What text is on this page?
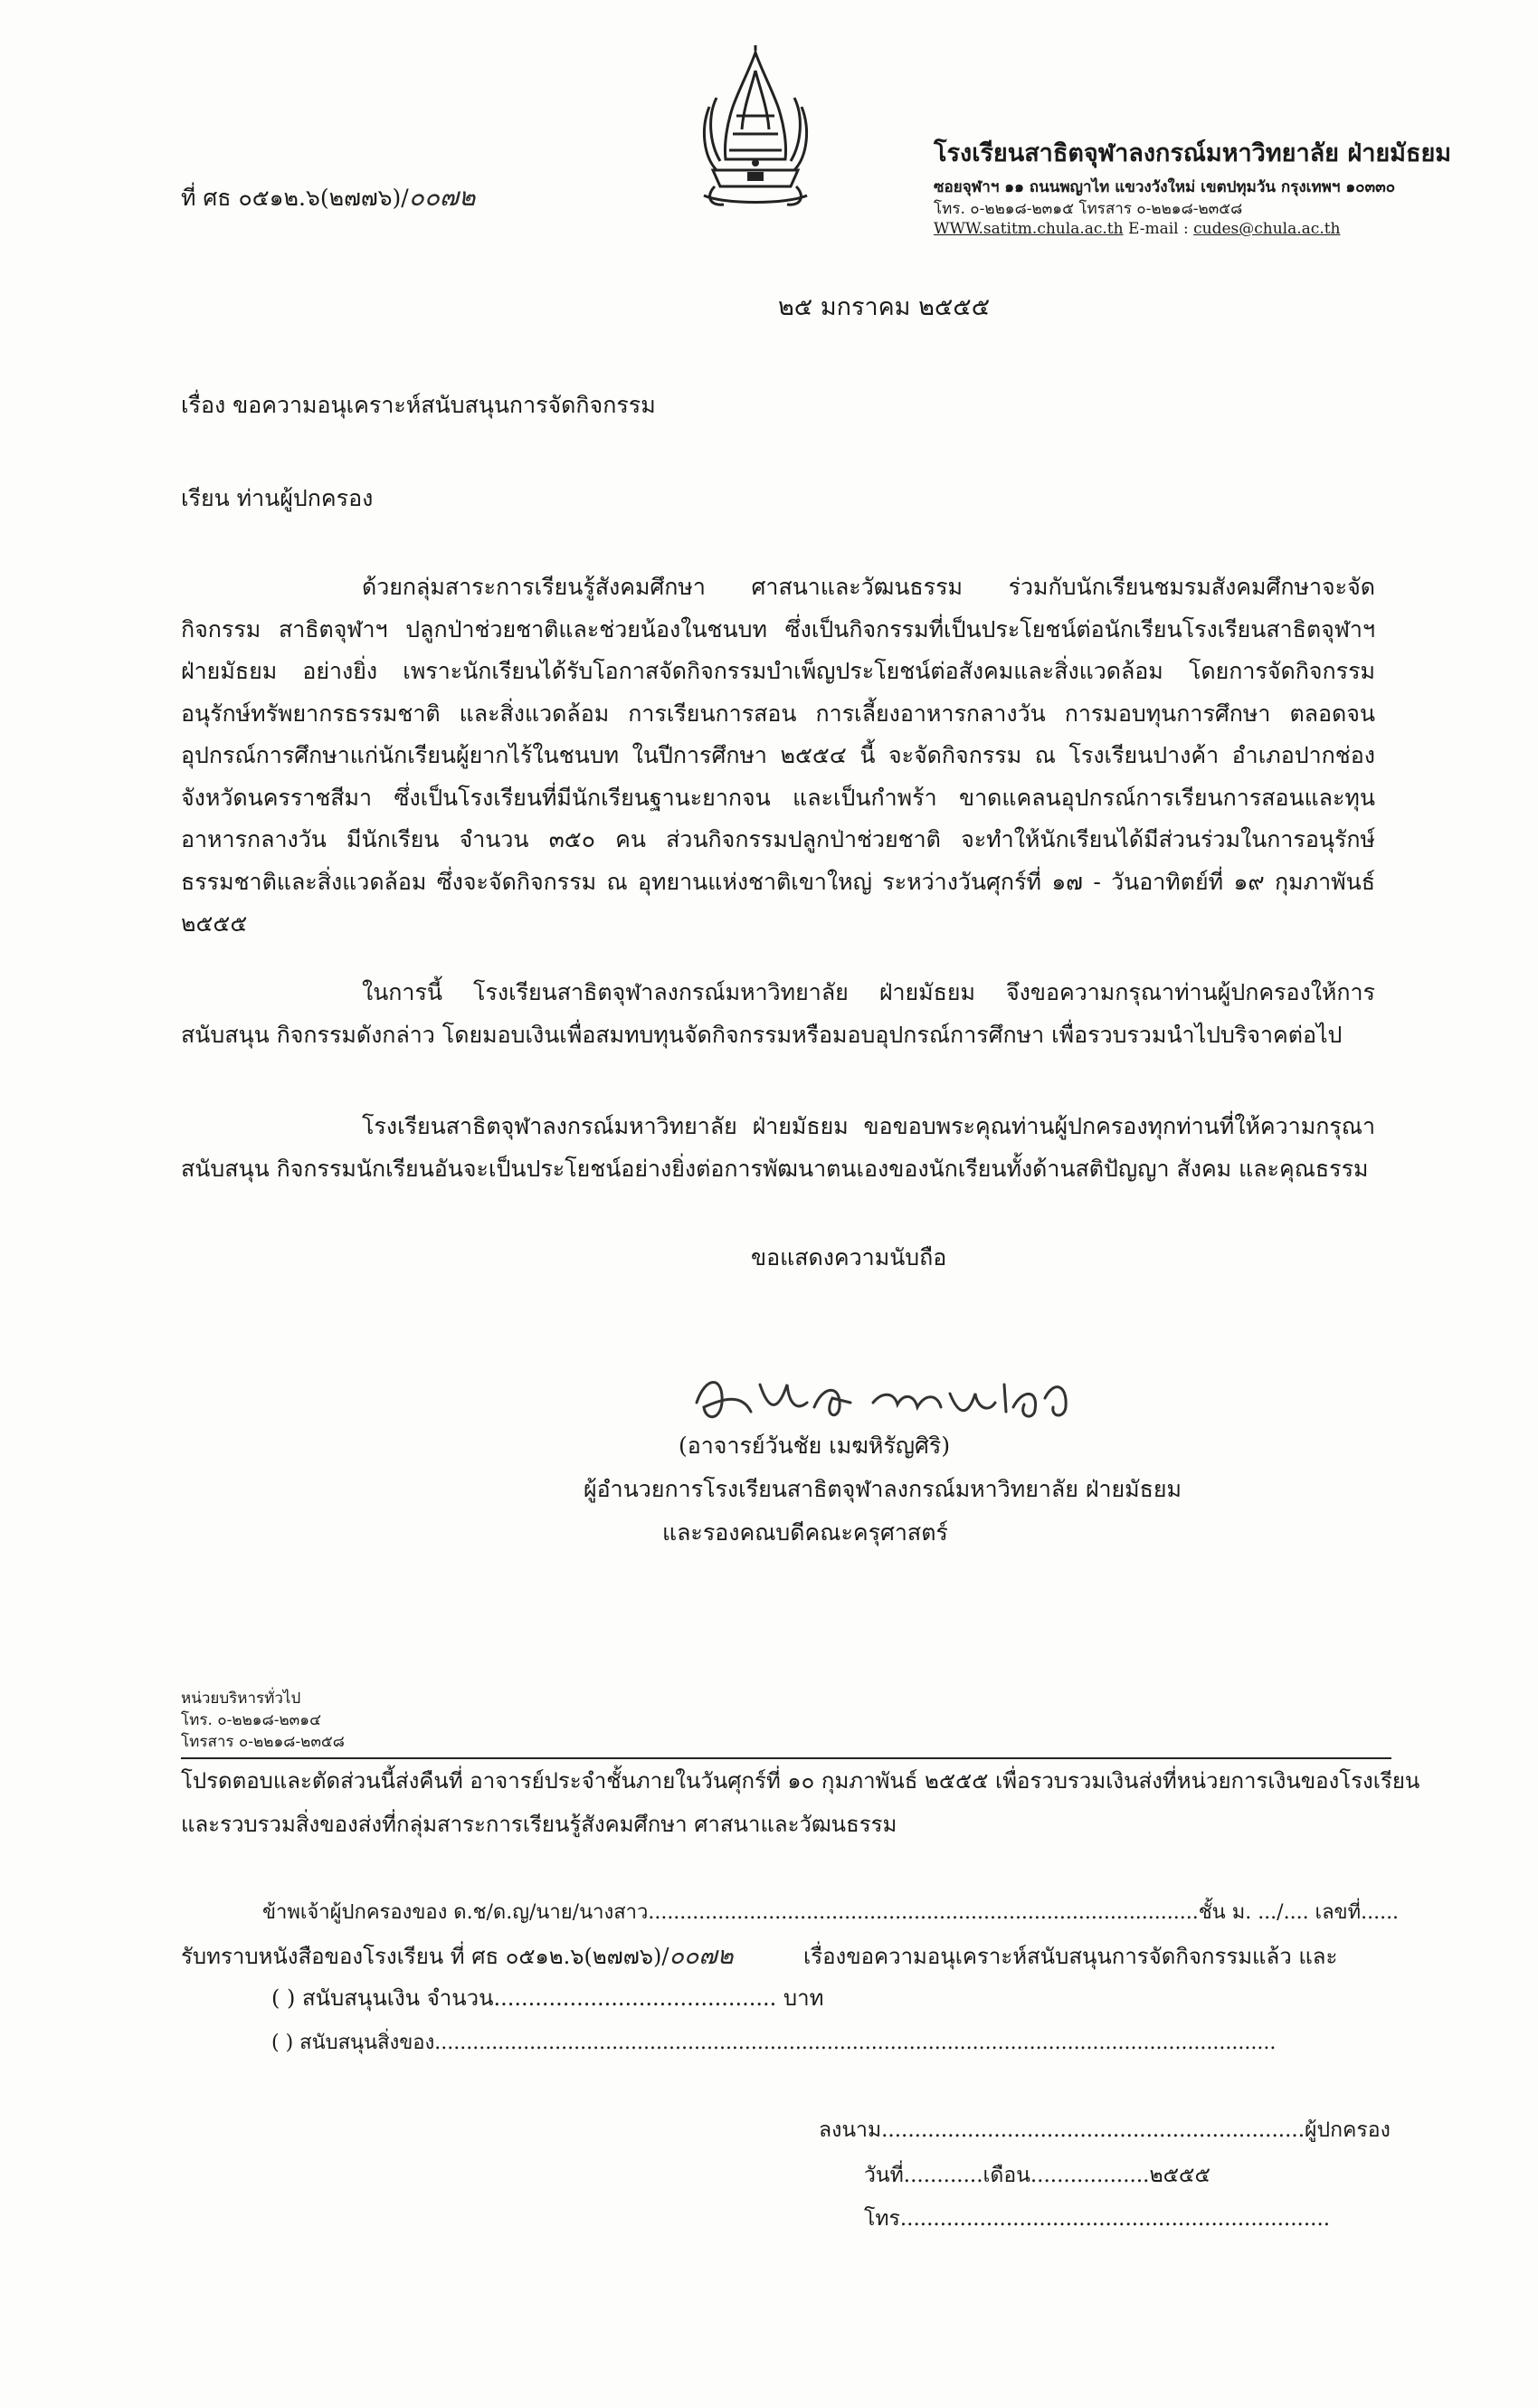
โรงเรียนสาธิตจุฬาลงกรณ์มหาวิทยาลัย ฝ่ายมัธยม
ซอยจุฬาฯ ๑๑ ถนนพญาไท แขวงวังใหม่ เขตปทุมวัน กรุงเทพฯ ๑๐๓๓๐
โทร. ๐-๒๒๑๘-๒๓๑๕ โทรสาร ๐-๒๒๑๘-๒๓๕๘
WWW.satitm.chula.ac.th E-mail : cudes@chula.ac.th
ที่ ศธ ๐๕๑๒.๖(๒๗๗๖)/๐๐๗๒
๒๕ มกราคม ๒๕๕๕
เรื่อง ขอความอนุเคราะห์สนับสนุนการจัดกิจกรรม
เรียน ท่านผู้ปกครอง

ด้วยกลุ่มสาระการเรียนรู้สังคมศึกษา ศาสนาและวัฒนธรรม ร่วมกับนักเรียนชมรมสังคมศึกษาจะจัดกิจกรรม สาธิตจุฬาฯ ปลูกป่าช่วยชาติและช่วยน้องในชนบท ซึ่งเป็นกิจกรรมที่เป็นประโยชน์ต่อนักเรียนโรงเรียนสาธิตจุฬาฯ ฝ่ายมัธยม อย่างยิ่ง เพราะนักเรียนได้รับโอกาสจัดกิจกรรมบำเพ็ญประโยชน์ต่อสังคมและสิ่งแวดล้อม โดยการจัดกิจกรรมอนุรักษ์ทรัพยากรธรรมชาติ และสิ่งแวดล้อม การเรียนการสอน การเลี้ยงอาหารกลางวัน การมอบทุนการศึกษา ตลอดจนอุปกรณ์การศึกษาแก่นักเรียนผู้ยากไร้ในชนบท ในปีการศึกษา ๒๕๕๔ นี้ จะจัดกิจกรรม ณ โรงเรียนปางค้า อำเภอปากช่อง จังหวัดนครราชสีมา ซึ่งเป็นโรงเรียนที่มีนักเรียนฐานะยากจน และเป็นกำพร้า ขาดแคลนอุปกรณ์การเรียนการสอนและทุนอาหารกลางวัน มีนักเรียน จำนวน ๓๕๐ คน ส่วนกิจกรรมปลูกป่าช่วยชาติ จะทำให้นักเรียนได้มีส่วนร่วมในการอนุรักษ์ธรรมชาติและสิ่งแวดล้อม ซึ่งจะจัดกิจกรรม ณ อุทยานแห่งชาติเขาใหญ่ ระหว่างวันศุกร์ที่ ๑๗ - วันอาทิตย์ที่ ๑๙ กุมภาพันธ์ ๒๕๕๕

ในการนี้ โรงเรียนสาธิตจุฬาลงกรณ์มหาวิทยาลัย ฝ่ายมัธยม จึงขอความกรุณาท่านผู้ปกครองให้การสนับสนุน กิจกรรมดังกล่าว โดยมอบเงินเพื่อสมทบทุนจัดกิจกรรมหรือมอบอุปกรณ์การศึกษา เพื่อรวบรวมนำไปบริจาคต่อไป

โรงเรียนสาธิตจุฬาลงกรณ์มหาวิทยาลัย ฝ่ายมัธยม ขอขอบพระคุณท่านผู้ปกครองทุกท่านที่ให้ความกรุณาสนับสนุน กิจกรรมนักเรียนอันจะเป็นประโยชน์อย่างยิ่งต่อการพัฒนาตนเองของนักเรียนทั้งด้านสติปัญญา สังคม และคุณธรรม

ขอแสดงความนับถือ
(อาจารย์วันชัย เมฆหิรัญศิริ)
ผู้อำนวยการโรงเรียนสาธิตจุฬาลงกรณ์มหาวิทยาลัย ฝ่ายมัธยม
และรองคณบดีคณะครุศาสตร์
หน่วยบริหารทั่วไป
โทร. ๐-๒๒๑๘-๒๓๑๔
โทรสาร ๐-๒๒๑๘-๒๓๕๘
โปรดตอบและตัดส่วนนี้ส่งคืนที่ อาจารย์ประจำชั้นภายในวันศุกร์ที่ ๑๐ กุมภาพันธ์ ๒๕๕๕ เพื่อรวบรวมเงินส่งที่หน่วยการเงินของโรงเรียน
และรวบรวมสิ่งของส่งที่กลุ่มสาระการเรียนรู้สังคมศึกษา ศาสนาและวัฒนธรรม
ข้าพเจ้าผู้ปกครองของ ด.ช/ด.ญ/นาย/นางสาว.......................................................................................ชั้น ม. .../.... เลขที่......
รับทราบหนังสือของโรงเรียน ที่ ศธ ๐๕๑๒.๖(๒๗๗๖)/๐๐๗๒	เรื่องขอความอนุเคราะห์สนับสนุนการจัดกิจกรรมแล้ว และ
( ) สนับสนุนเงิน จำนวน......................................... บาท
( ) สนับสนุนสิ่งของ.....................................................................................................................................
ลงนาม................................................................ผู้ปกครอง
วันที่............เดือน..................๒๕๕๕
โทร.................................................................
